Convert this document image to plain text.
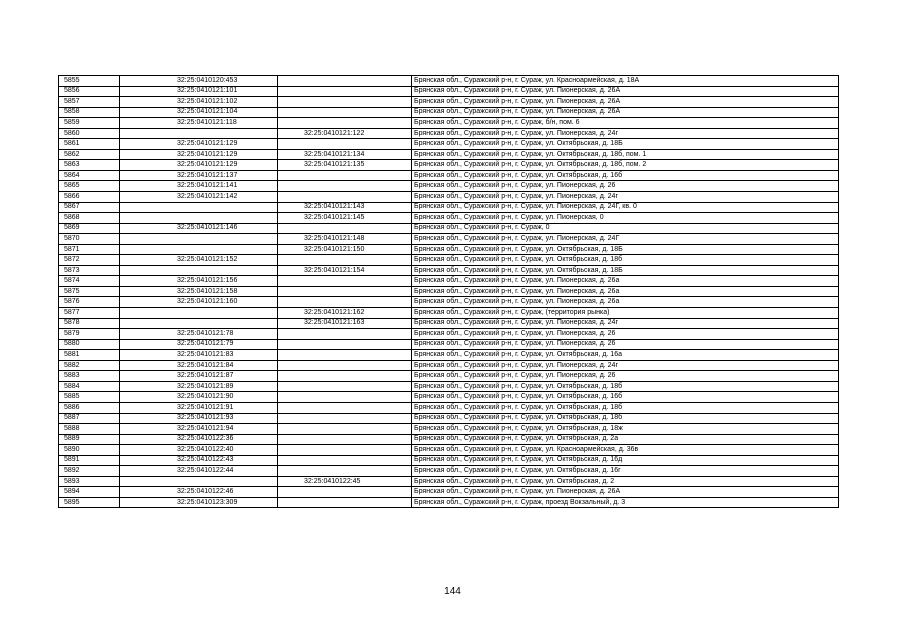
5855	32:25:0410120:453		Брянская обл., Суражский р-н, г. Сураж, ул. Красноармейская, д. 18А
5856	32:25:0410121:101		Брянская обл., Суражский р-н, г. Сураж, ул. Пионерская, д. 26А
5857	32:25:0410121:102		Брянская обл., Суражский р-н, г. Сураж, ул. Пионерская, д. 26А
5858	32:25:0410121:104		Брянская обл., Суражский р-н, г. Сураж, ул. Пионерская, д. 26А
5859	32:25:0410121:118		Брянская обл., Суражский р-н, г. Сураж, б/н, пом. 6
5860		32:25:0410121:122	Брянская обл., Суражский р-н, г. Сураж, ул. Пионерская, д. 24г
5861	32:25:0410121:129		Брянская обл., Суражский р-н, г. Сураж, ул. Октябрьская, д. 18Б
5862	32:25:0410121:129	32:25:0410121:134	Брянская обл., Суражский р-н, г. Сураж, ул. Октябрьская, д. 18б, пом. 1
5863	32:25:0410121:129	32:25:0410121:135	Брянская обл., Суражский р-н, г. Сураж, ул. Октябрьская, д. 18б, пом. 2
5864	32:25:0410121:137		Брянская обл., Суражский р-н, г. Сураж, ул. Октябрьская, д. 16б
5865	32:25:0410121:141		Брянская обл., Суражский р-н, г. Сураж, ул. Пионерская, д. 26
5866	32:25:0410121:142		Брянская обл., Суражский р-н, г. Сураж, ул. Пионерская, д. 24г
5867		32:25:0410121:143	Брянская обл., Суражский р-н, г. Сураж, ул. Пионерская, д. 24Г, кв. 0
5868		32:25:0410121:145	Брянская обл., Суражский р-н, г. Сураж, ул. Пионерская, 0
5869	32:25:0410121:146		Брянская обл., Суражский р-н, г. Сураж, 0
5870		32:25:0410121:148	Брянская обл., Суражский р-н, г. Сураж, ул. Пионерская, д. 24Г
5871		32:25:0410121:150	Брянская обл., Суражский р-н, г. Сураж, ул. Октябрьская, д. 18Б
5872	32:25:0410121:152		Брянская обл., Суражский р-н, г. Сураж, ул. Октябрьская, д. 18б
5873		32:25:0410121:154	Брянская обл., Суражский р-н, г. Сураж, ул. Октябрьская, д. 18Б
5874	32:25:0410121:156		Брянская обл., Суражский р-н, г. Сураж, ул. Пионерская, д. 26а
5875	32:25:0410121:158		Брянская обл., Суражский р-н, г. Сураж, ул. Пионерская, д. 26а
5876	32:25:0410121:160		Брянская обл., Суражский р-н, г. Сураж, ул. Пионерская, д. 26а
5877		32:25:0410121:162	Брянская обл., Суражский р-н, г. Сураж, (территория рынка)
5878		32:25:0410121:163	Брянская обл., Суражский р-н, г. Сураж, ул. Пионерская, д. 24г
5879	32:25:0410121:78		Брянская обл., Суражский р-н, г. Сураж, ул. Пионерская, д. 26
5880	32:25:0410121:79		Брянская обл., Суражский р-н, г. Сураж, ул. Пионерская, д. 26
5881	32:25:0410121:83		Брянская обл., Суражский р-н, г. Сураж, ул. Октябрьская, д. 16а
5882	32:25:0410121:84		Брянская обл., Суражский р-н, г. Сураж, ул. Пионерская, д. 24г
5883	32:25:0410121:87		Брянская обл., Суражский р-н, г. Сураж, ул. Пионерская, д. 26
5884	32:25:0410121:89		Брянская обл., Суражский р-н, г. Сураж, ул. Октябрьская, д. 18б
5885	32:25:0410121:90		Брянская обл., Суражский р-н, г. Сураж, ул. Октябрьская, д. 16б
5886	32:25:0410121:91		Брянская обл., Суражский р-н, г. Сураж, ул. Октябрьская, д. 18б
5887	32:25:0410121:93		Брянская обл., Суражский р-н, г. Сураж, ул. Октябрьская, д. 18б
5888	32:25:0410121:94		Брянская обл., Суражский р-н, г. Сураж, ул. Октябрьская, д. 18ж
5889	32:25:0410122:36		Брянская обл., Суражский р-н, г. Сураж, ул. Октябрьская, д. 2а
5890	32:25:0410122:40		Брянская обл., Суражский р-н, г. Сураж, ул. Красноармейская, д. 36в
5891	32:25:0410122:43		Брянская обл., Суражский р-н, г. Сураж, ул. Октябрьская, д. 16д
5892	32:25:0410122:44		Брянская обл., Суражский р-н, г. Сураж, ул. Октябрьская, д. 16г
5893		32:25:0410122:45	Брянская обл., Суражский р-н, г. Сураж, ул. Октябрьская, д. 2
5894	32:25:0410122:46		Брянская обл., Суражский р-н, г. Сураж, ул. Пионерская, д. 26А
5895	32:25:0410123:309		Брянская обл., Суражский р-н, г. Сураж, проезд Вокзальный, д. 3
144
